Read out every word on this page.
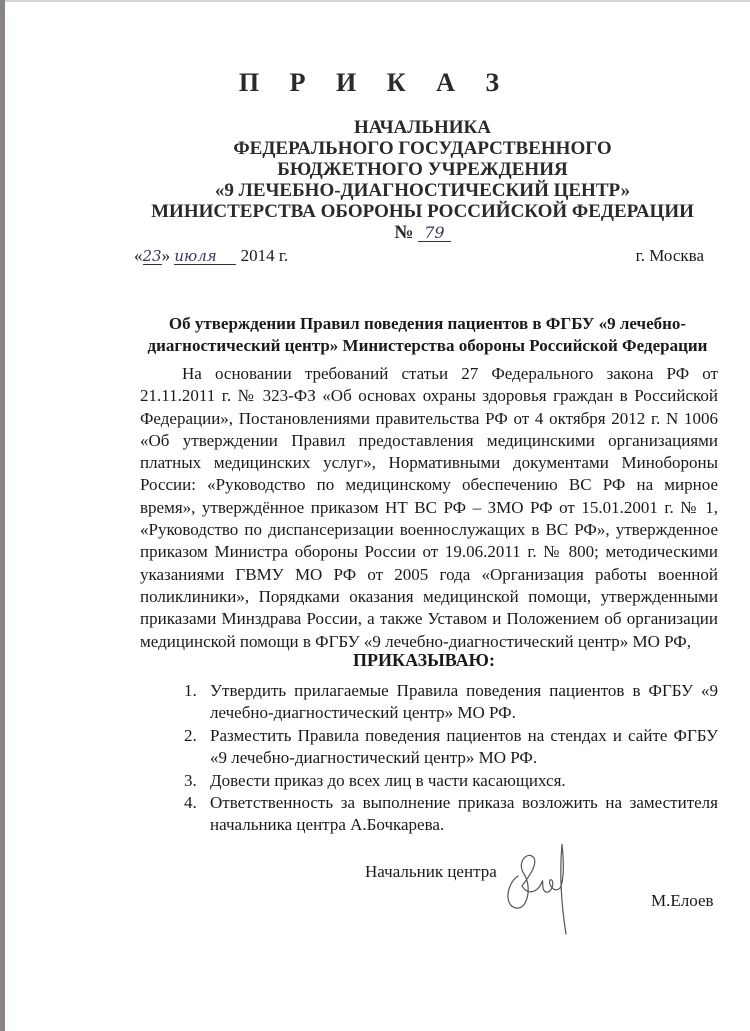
П Р И К А З
НАЧАЛЬНИКА
ФЕДЕРАЛЬНОГО ГОСУДАРСТВЕННОГО
БЮДЖЕТНОГО УЧРЕЖДЕНИЯ
«9 ЛЕЧЕБНО-ДИАГНОСТИЧЕСКИЙ ЦЕНТР»
МИНИСТЕРСТВА ОБОРОНЫ РОССИЙСКОЙ ФЕДЕРАЦИИ
№ 79
«23» июля 2014 г.	г. Москва
Об утверждении Правил поведения пациентов в ФГБУ «9 лечебно-диагностический центр» Министерства обороны Российской Федерации
На основании требований статьи 27 Федерального закона РФ от 21.11.2011 г. № 323-ФЗ «Об основах охраны здоровья граждан в Российской Федерации», Постановлениями правительства РФ от 4 октября 2012 г. N 1006 «Об утверждении Правил предоставления медицинскими организациями платных медицинских услуг», Нормативными документами Минобороны России: «Руководство по медицинскому обеспечению ВС РФ на мирное время», утверждённое приказом НТ ВС РФ – ЗМО РФ от 15.01.2001 г. № 1, «Руководство по диспансеризации военнослужащих в ВС РФ», утвержденное приказом Министра обороны России от 19.06.2011 г. № 800; методическими указаниями ГВМУ МО РФ от 2005 года «Организация работы военной поликлиники», Порядками оказания медицинской помощи, утвержденными приказами Минздрава России, а также Уставом и Положением об организации медицинской помощи в ФГБУ «9 лечебно-диагностический центр» МО РФ,
ПРИКАЗЫВАЮ:
1. Утвердить прилагаемые Правила поведения пациентов в ФГБУ «9 лечебно-диагностический центр» МО РФ.
2. Разместить Правила поведения пациентов на стендах и сайте ФГБУ «9 лечебно-диагностический центр» МО РФ.
3. Довести приказ до всех лиц в части касающихся.
4. Ответственность за выполнение приказа возложить на заместителя начальника центра А.Бочкарева.
Начальник центра
М.Елоев
